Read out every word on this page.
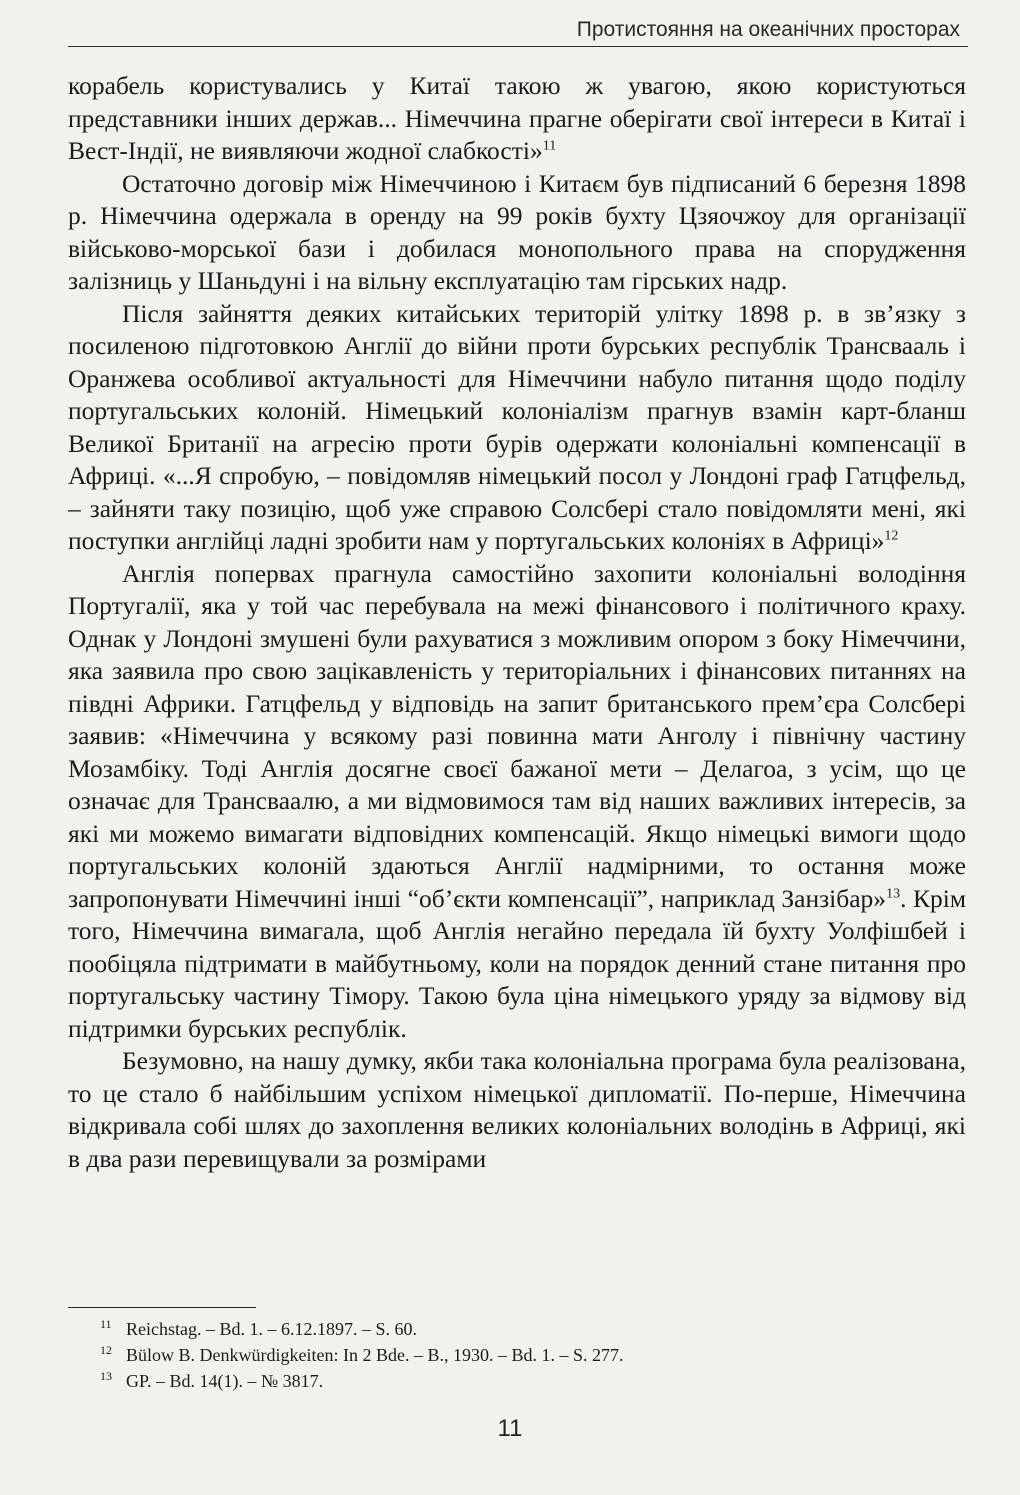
Протистояння на океанічних просторах

корабель користувались у Китаї такою ж увагою, якою користуються представники інших держав... Німеччина прагне оберігати свої інтереси в Китаї і Вест-Індії, не виявляючи жодної слабкості»$^{11}$

Остаточно договір між Німеччиною і Китаєм був підписаний 6 березня 1898 р. Німеччина одержала в оренду на 99 років бухту Цзяочжоу для організації військово-морської бази і добилася монопольного права на спорудження залізниць у Шаньдуні і на вільну експлуатацію там гірських надр.

Після зайняття деяких китайських територій улітку 1898 р. в зв’язку з посиленою підготовкою Англії до війни проти бурських республік Трансвааль і Оранжева особливої актуальності для Німеччини набуло питання щодо поділу португальських колоній. Німецький колоніалізм прагнув взамін карт-бланш Великої Британії на агресію проти бурів одержати колоніальні компенсації в Африці. «...Я спробую, – повідомляв німецький посол у Лондоні граф Гатцфельд, – зайняти таку позицію, щоб уже справою Солсбері стало повідомляти мені, які поступки англійці ладні зробити нам у португальських колоніях в Африці»$^{12}$

Англія попервах прагнула самостійно захопити колоніальні володіння Португалії, яка у той час перебувала на межі фінансового і політичного краху. Однак у Лондоні змушені були рахуватися з можливим опором з боку Німеччини, яка заявила про свою зацікавленість у територіальних і фінансових питаннях на півдні Африки. Гатцфельд у відповідь на запит британського прем’єра Солсбері заявив: «Німеччина у всякому разі повинна мати Анголу і північну частину Мозамбіку. Тоді Англія досягне своєї бажаної мети – Делагоа, з усім, що це означає для Трансваалю, а ми відмовимося там від наших важливих інтересів, за які ми можемо вимагати відповідних компенсацій. Якщо німецькі вимоги щодо португальських колоній здаються Англії надмірними, то остання може запропонувати Німеччині інші “об’єкти компенсації”, наприклад Занзібар»$^{13}$. Крім того, Німеччина вимагала, щоб Англія негайно передала їй бухту Уолфішбей і пообіцяла підтримати в майбутньому, коли на порядок денний стане питання про португальську частину Тімору. Такою була ціна німецького уряду за відмову від підтримки бурських республік.

Безумовно, на нашу думку, якби така колоніальна програма була реалізована, то це стало б найбільшим успіхом німецької дипломатії. По-перше, Німеччина відкривала собі шлях до захоплення великих колоніальних володінь в Африці, які в два рази перевищували за розмірами

11 Reichstag. – Bd. 1. – 6.12.1897. – S. 60.

12 Bülow B. Denkwürdigkeiten: In 2 Bde. – B., 1930. – Bd. 1. – S. 277.

13 GP. – Bd. 14(1). – № 3817.

11
